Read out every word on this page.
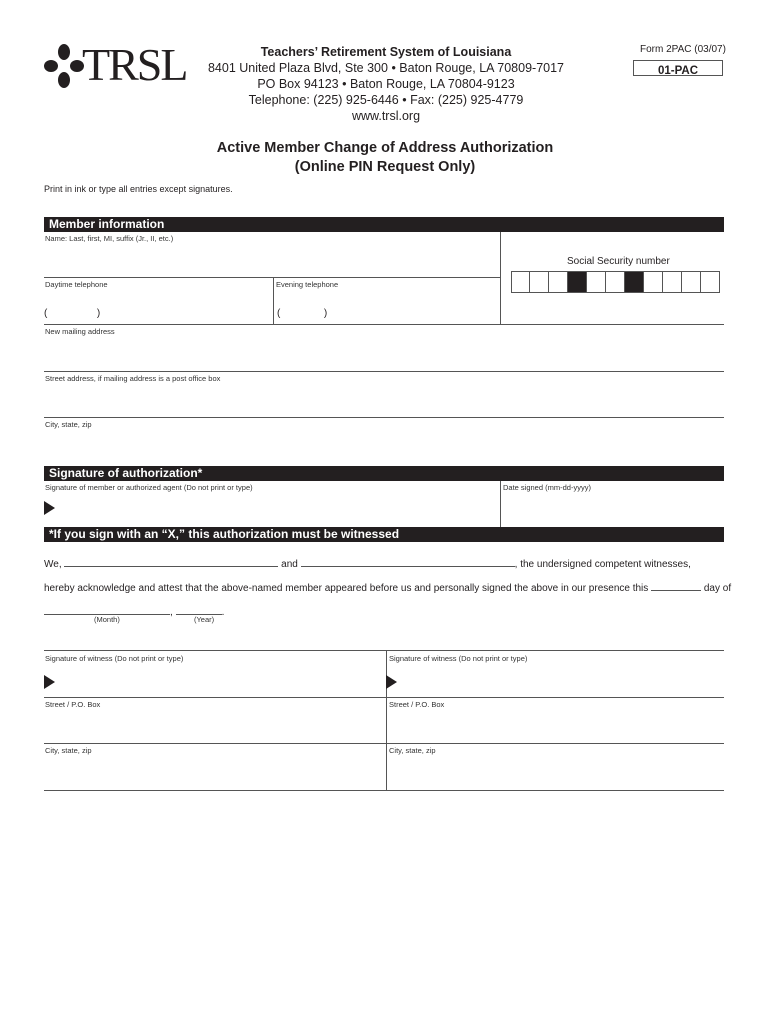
2 TRSL	Teachers’ Retirement System of Louisiana
8401 United Plaza Blvd, Ste 300 • Baton Rouge, LA 70809-7017
PO Box 94123 • Baton Rouge, LA 70804-9123
Telephone: (225) 925-6446 • Fax: (225) 925-4779
www.trsl.org
Form 2PAC (03/07)
01-PAC
Active Member Change of Address Authorization
(Online PIN Request Only)
Print in ink or type all entries except signatures.
Member information
Name: Last, first, MI, suffix (Jr., II, etc.)
Daytime telephone	Evening telephone
(	)	(	)
Social Security number
New mailing address
Street address, if mailing address is a post office box
City, state, zip
Signature of authorization*
Signature of member or authorized agent (Do not print or type)	Date signed (mm-dd-yyyy)
*If you sign with an “X,” this authorization must be witnessed
We,	and	, the undersigned competent witnesses,
hereby acknowledge and attest that the above-named member appeared before us and personally signed the above in our presence this	day of
,	.
(Month)	(Year)
Signature of witness (Do not print or type)	Signature of witness (Do not print or type)
Street / P.O. Box	Street / P.O. Box
City, state, zip	City, state, zip
